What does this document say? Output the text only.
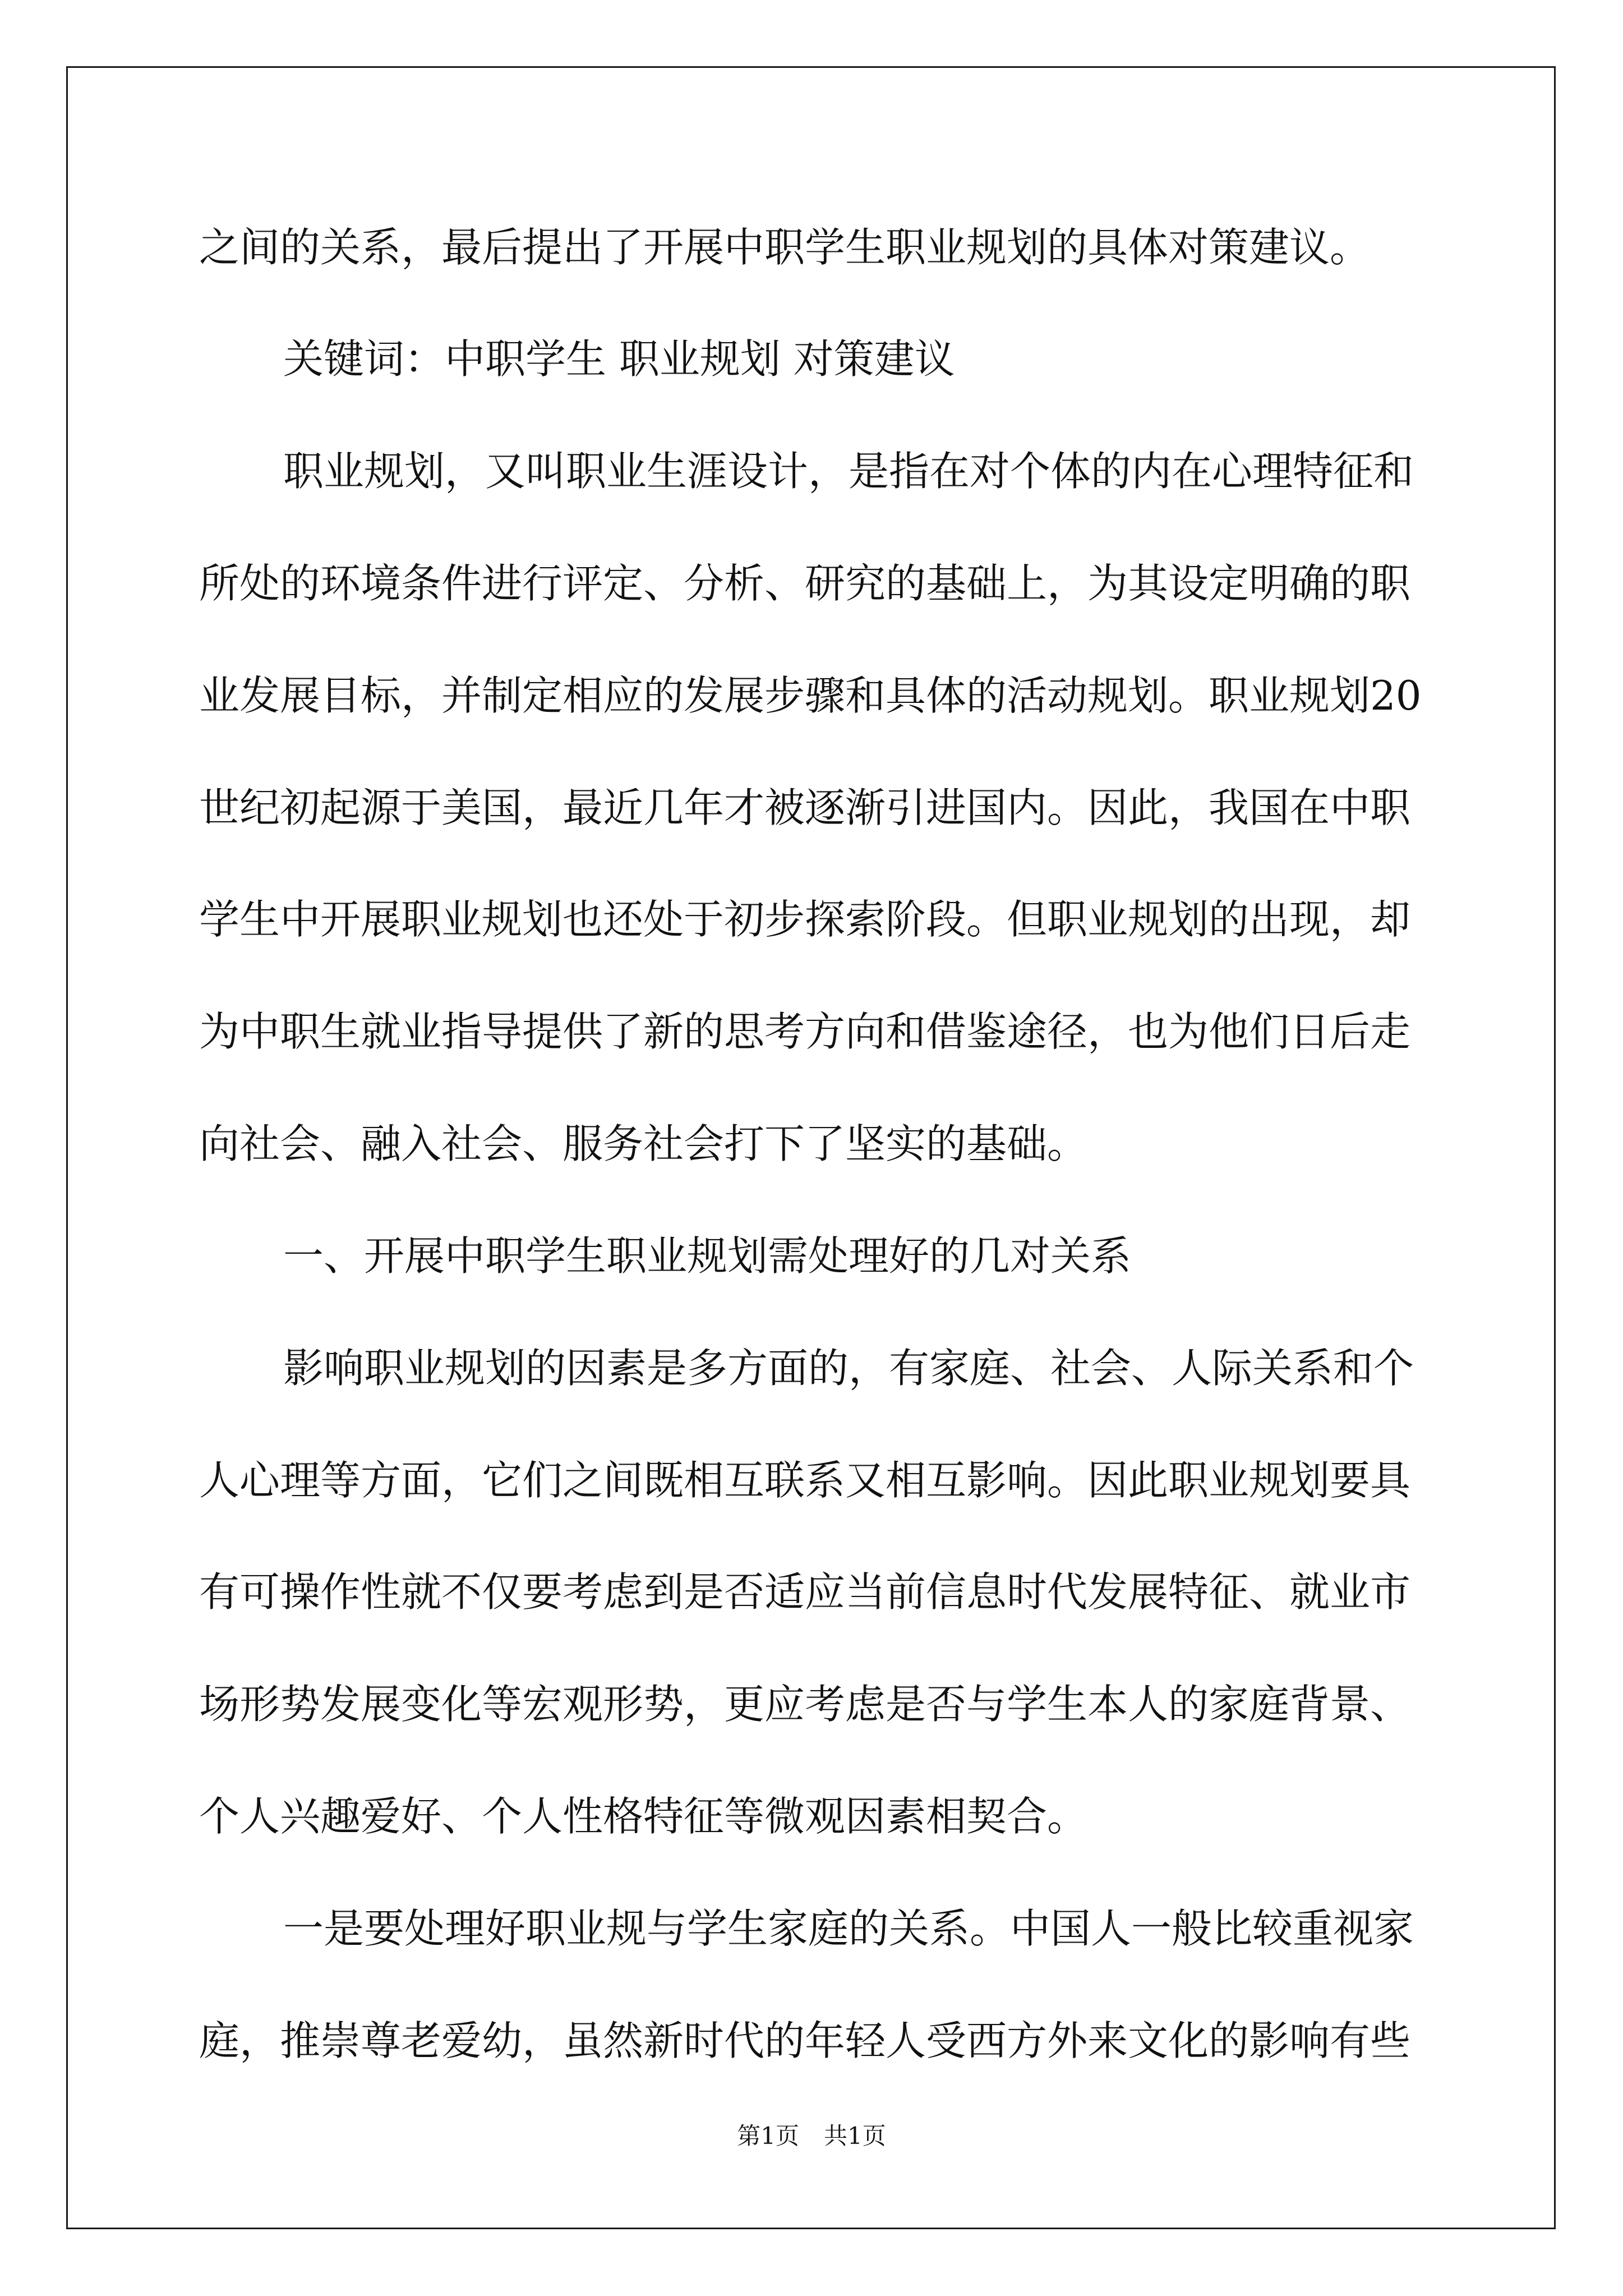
之间的关系，最后提出了开展中职学生职业规划的具体对策建议。

关键词：中职学生 职业规划 对策建议

职业规划，又叫职业生涯设计，是指在对个体的内在心理特征和

所处的环境条件进行评定、分析、研究的基础上，为其设定明确的职

业发展目标，并制定相应的发展步骤和具体的活动规划。职业规划20

世纪初起源于美国，最近几年才被逐渐引进国内。因此，我国在中职

学生中开展职业规划也还处于初步探索阶段。但职业规划的出现，却

为中职生就业指导提供了新的思考方向和借鉴途径，也为他们日后走

向社会、融入社会、服务社会打下了坚实的基础。

一、开展中职学生职业规划需处理好的几对关系

影响职业规划的因素是多方面的，有家庭、社会、人际关系和个

人心理等方面，它们之间既相互联系又相互影响。因此职业规划要具

有可操作性就不仅要考虑到是否适应当前信息时代发展特征、就业市

场形势发展变化等宏观形势，更应考虑是否与学生本人的家庭背景、

个人兴趣爱好、个人性格特征等微观因素相契合。

一是要处理好职业规与学生家庭的关系。中国人一般比较重视家

庭，推崇尊老爱幼，虽然新时代的年轻人受西方外来文化的影响有些

第1页 共1页
